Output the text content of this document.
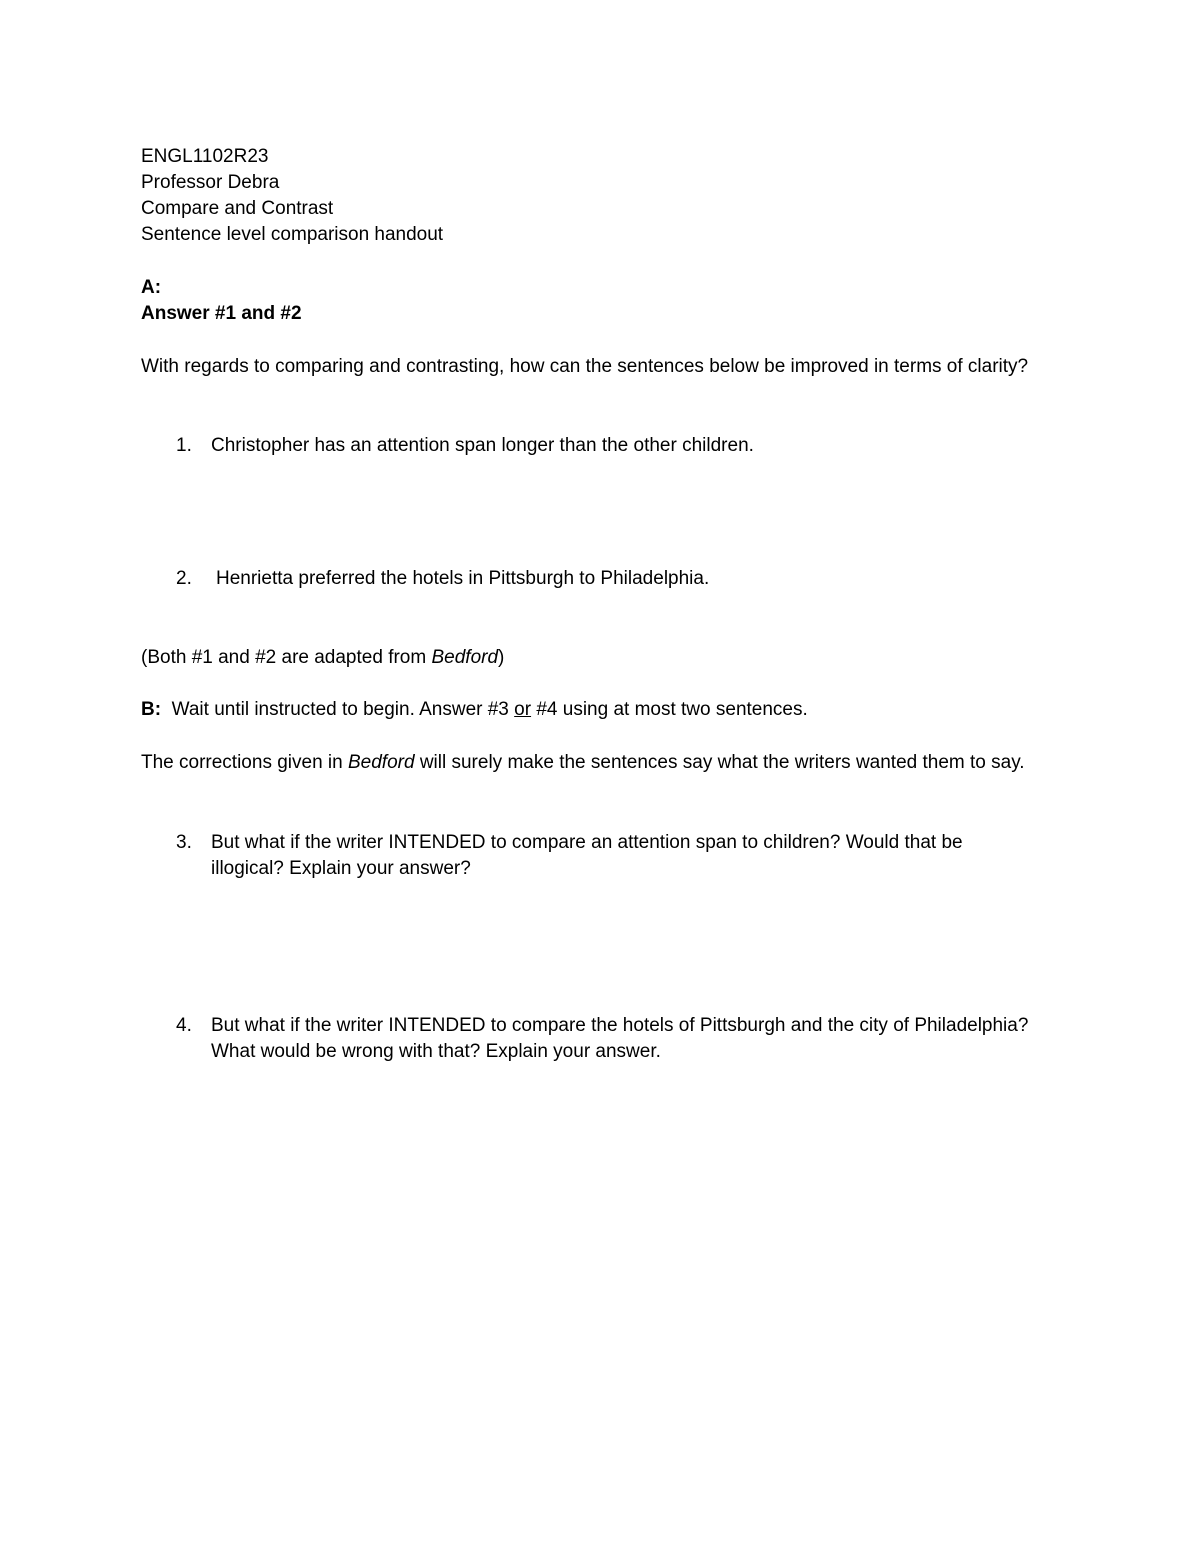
ENGL1102R23
Professor Debra
Compare and Contrast
Sentence level comparison handout
A:
Answer #1 and #2
With regards to comparing and contrasting, how can the sentences below be improved in terms of clarity?
1. Christopher has an attention span longer than the other children.
2. Henrietta preferred the hotels in Pittsburgh to Philadelphia.
(Both #1 and #2 are adapted from Bedford)
B: Wait until instructed to begin. Answer #3 or #4 using at most two sentences.
The corrections given in Bedford will surely make the sentences say what the writers wanted them to say.
3. But what if the writer INTENDED to compare an attention span to children? Would that be illogical? Explain your answer?
4. But what if the writer INTENDED to compare the hotels of Pittsburgh and the city of Philadelphia? What would be wrong with that? Explain your answer.
